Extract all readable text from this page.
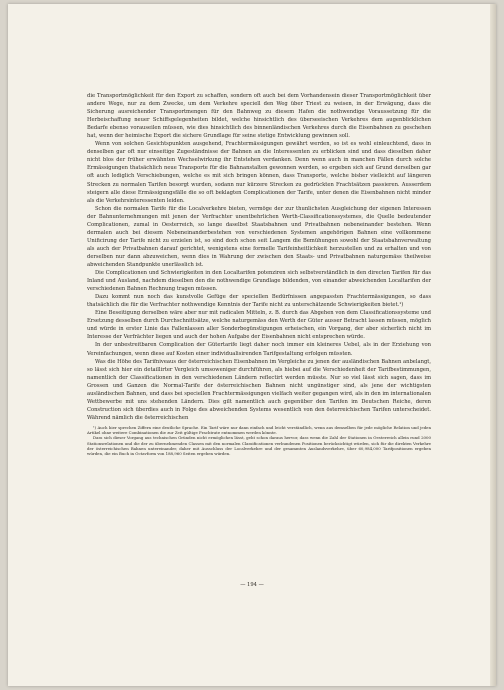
die Transportmöglichkeit für den Export zu schaffen, sondern oft auch bei dem Vorhandensein dieser Transportmöglichkeit über andere Wege, nur zu dem Zwecke, um dem Verkehre speciell den Weg über Triest zu weisen, in der Erwägung, dass die Sicherung ausreichender Transportmengen für den Bahnweg zu diesem Hafen die nothwendige Voraussetzung für die Herbeischaffung neuer Schiffsgelegenheiten bildet, welche hinsichtlich des überseeischen Verkehres dem augenblicklichen Bedarfe ebenso vorauseilen müssen, wie dies hinsichtlich des binnenländischen Verkehres durch die Eisenbahnen zu geschehen hat, wenn der heimische Export die sichere Grundlage für seine stetige Entwicklung gewinnen soll.

Wenn von solchen Gesichtspunkten ausgehend, Frachtermässigungen gewährt werden, so ist es wohl einleuchtend, dass in denselben gar oft nur einseitige Zugeständnisse der Bahnen an die Interessenten zu erblicken sind und dass dieselben daher nicht blos der früher erwähnten Wechselwirkung ihr Entstehen verdanken. Denn wenn auch in manchen Fällen durch solche Ermässigungen thatsächlich neue Transporte für die Bahnanstalten gewonnen werden, so ergeben sich auf Grund derselben gar oft auch lediglich Verschiebungen, welche es mit sich bringen können, dass Transporte, welche bisher vielleicht auf längeren Strecken zu normalen Tarifen besorgt wurden, sodann nur kürzere Strecken zu gedrückten Frachtsätzen passieren. Ausserdem steigern alle diese Ermässigungsfälle die so oft beklagten Complicationen der Tarife, unter denen die Eisenbahnen nicht minder als die Verkehrsinteressenten leiden.

Schon die normalen Tarife für die Localverkehre bieten, vermöge der zur thunlichsten Ausgleichung der eigenen Interessen der Bahnunternehmungen mit jenen der Verfrachter unentbehrlichen Werth-Classificationssystemes, die Quelle bedeutender Complicationen, zumal in Oesterreich, so lange daselbst Staatsbahnen und Privatbahnen nebeneinander bestehen. Wenn dermalen auch bei diesem Nebeneinanderbestehen von verschiedenen Systemen angehörigen Bahnen eine vollkommene Unificirung der Tarife nicht zu erzielen ist, so sind doch schon seit Langem die Bemühungen sowohl der Staatsbahnverwaltung als auch der Privatbahnen darauf gerichtet, wenigstens eine formelle Tarifeinheitlichkeit herzustellen und zu erhalten und von derselben nur dann abzuweichen, wenn dies in Wahrung der zwischen den Staats- und Privatbahnen naturgemäss theilweise abweichenden Standpunkte unerlässlich ist.

Die Complicationen und Schwierigkeiten in den Localtarifen potenziren sich selbstverständlich in den directen Tarifen für das Inland und Ausland, nachdem dieselben den die nothwendige Grundlage bildenden, von einander abweichenden Localtarifen der verschiedenen Bahnen Rechnung tragen müssen.

Dazu kommt nun noch das kunstvolle Gefüge der speciellen Bedürfnissen angepassten Frachtermässigungen, so dass thatsächlich die für die Verfrachter nothwendige Kenntnis der Tarife nicht zu unterschätzende Schwierigkeiten bietet.¹)

Eine Beseitigung derselben wäre aber nur mit radicalen Mitteln, z. B. durch das Abgehen von dem Classificationssysteme und Ersetzung desselben durch Durchschnittsätze, welche naturgemäss den Werth der Güter ausser Betracht lassen müssen, möglich und würde in erster Linie das Fallenlassen aller Sonderbegünstigungen erheischen, ein Vorgang, der aber sicherlich nicht im Interesse der Verfrächter liegen und auch der hohen Aufgabe der Eisenbahnen nicht entsprechen würde.

In der unbestreitbaren Complication der Gütertarife liegt daher noch immer ein kleineres Uebel, als in der Erziehung von Vereinfachungen, wenn diese auf Kosten einer individualisirenden Tarifgestaltung erfolgen müssten.

Was die Höhe des Tarifniveaus der österreichischen Eisenbahnen im Vergleiche zu jenen der ausländischen Bahnen anbelangt, so lässt sich hier ein detaillirter Vergleich umsoweniger durchführen, als hiebei auf die Verschiedenheit der Tarifbestimmungen, namentlich der Classificationen in den verschiedenen Ländern reflectirt werden müsste. Nur so viel lässt sich sagen, dass im Grossen und Ganzen die Normal-Tarife der österreichischen Bahnen nicht ungünstiger sind, als jene der wichtigsten ausländischen Bahnen, und dass bei speciellen Frachtermässigungen vielfach weiter gegangen wird, als in den im internationalen Wettbewerbe mit uns stehenden Ländern. Dies gilt namentlich auch gegenüber den Tarifen im Deutschen Reiche, deren Construction sich überdies auch in Folge des abweichenden Systems wesentlich von den österreichischen Tarifen unterscheidet. Während nämlich die österreichischen

¹) Auch hier sprechen Ziffern eine deutliche Sprache. Ein Tarif wäre nur dann einfach und leicht verständlich, wenn aus demselben für jede mögliche Relation und jeden Artikel ohne weitere Combinationen die zur Zeit gültige Frachtrate entnommen werden könnte.

Dass sich dieser Vorgang aus technischen Gründen nicht ermöglichen lässt, geht schon daraus hervor, dass wenn die Zahl der Stationen in Oesterreich allein rund 2000 Stationsrelationen und die der zu übernehmenden Classen mit den normalen Classificationen verbundenen Positionen berücksichtigt würden, sich für die direkten Verkehre der österreichischen Bahnen untereinander, daher mit Ausschluss der Localverkehre und der gesammten Auslandsverkehre, über 60,984,000 Tarifpositionen ergeben würden, die ein Buch in Octavform von 188,960 Seiten ergeben würden.

— 194 —
